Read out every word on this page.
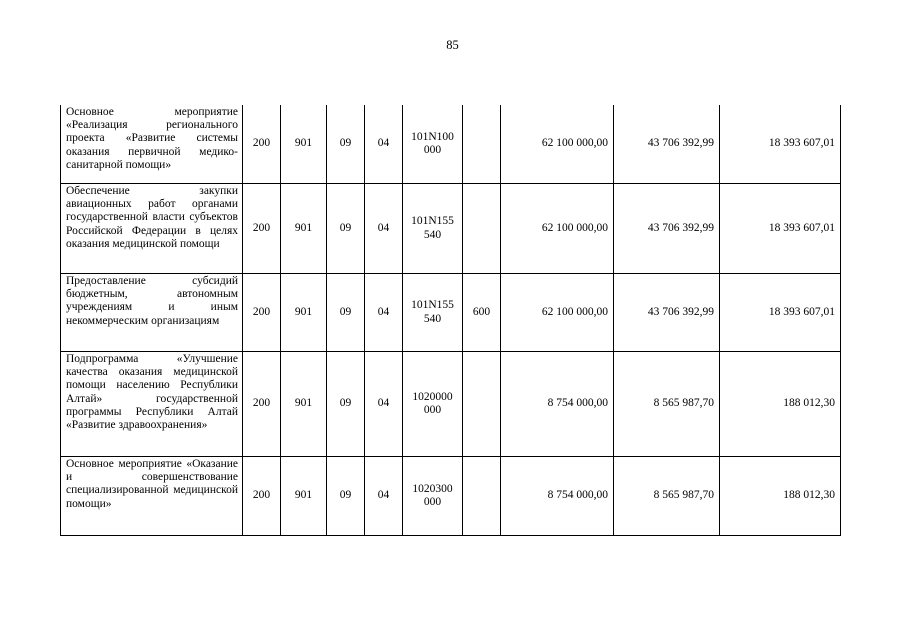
85
Основное мероприятие «Реализация регионального проекта «Развитие системы оказания первичной медико-санитарной помощи»	200	901	09	04	101N100000		62 100 000,00	43 706 392,99	18 393 607,01
Обеспечение закупки авиационных работ органами государственной власти субъектов Российской Федерации в целях оказания медицинской помощи	200	901	09	04	101N155540		62 100 000,00	43 706 392,99	18 393 607,01
Предоставление субсидий бюджетным, автономным учреждениям и иным некоммерческим организациям	200	901	09	04	101N155540	600	62 100 000,00	43 706 392,99	18 393 607,01
Подпрограмма «Улучшение качества оказания медицинской помощи населению Республики Алтай» государственной программы Республики Алтай «Развитие здравоохранения»	200	901	09	04	1020000000		8 754 000,00	8 565 987,70	188 012,30
Основное мероприятие «Оказание и совершенствование специализированной медицинской помощи»	200	901	09	04	1020300000		8 754 000,00	8 565 987,70	188 012,30
